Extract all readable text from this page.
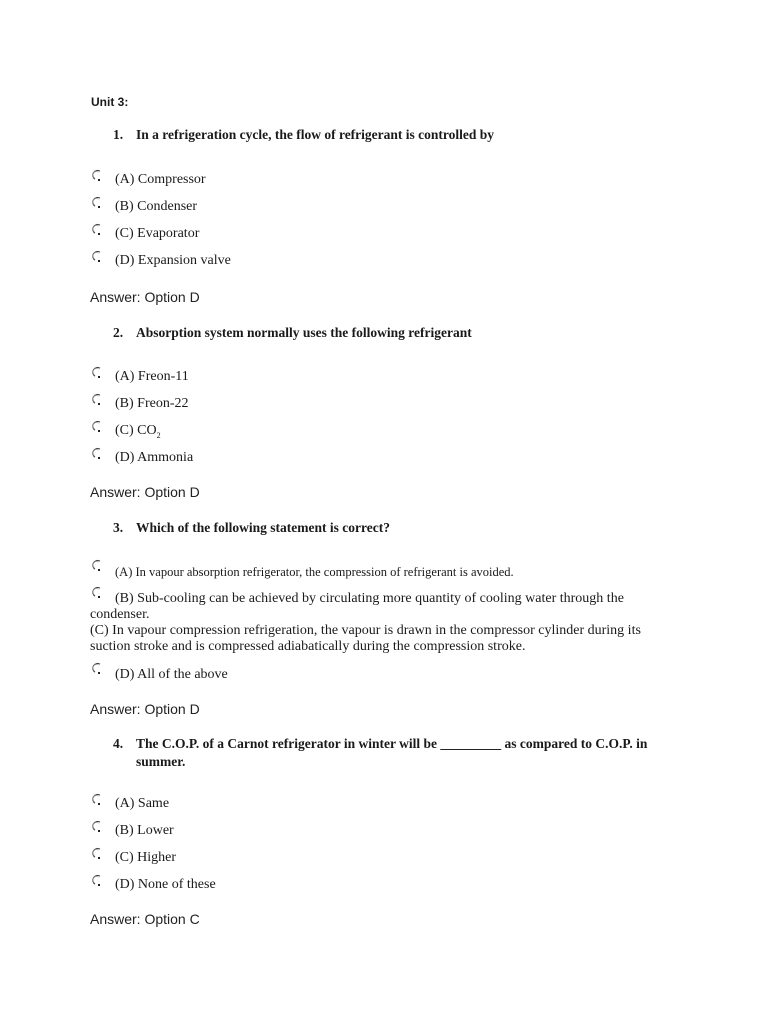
Unit 3:
1. In a refrigeration cycle, the flow of refrigerant is controlled by
(A) Compressor
(B) Condenser
(C) Evaporator
(D) Expansion valve
Answer: Option D
2. Absorption system normally uses the following refrigerant
(A) Freon-11
(B) Freon-22
(C) $CO_2$
(D) Ammonia
Answer: Option D
3. Which of the following statement is correct?
(A) In vapour absorption refrigerator, the compression of refrigerant is avoided.
(B) Sub-cooling can be achieved by circulating more quantity of cooling water through the condenser.
(C) In vapour compression refrigeration, the vapour is drawn in the compressor cylinder during its suction stroke and is compressed adiabatically during the compression stroke.
(D) All of the above
Answer: Option D
4. The C.O.P. of a Carnot refrigerator in winter will be _________ as compared to C.O.P. in summer.
(A) Same
(B) Lower
(C) Higher
(D) None of these
Answer: Option C
